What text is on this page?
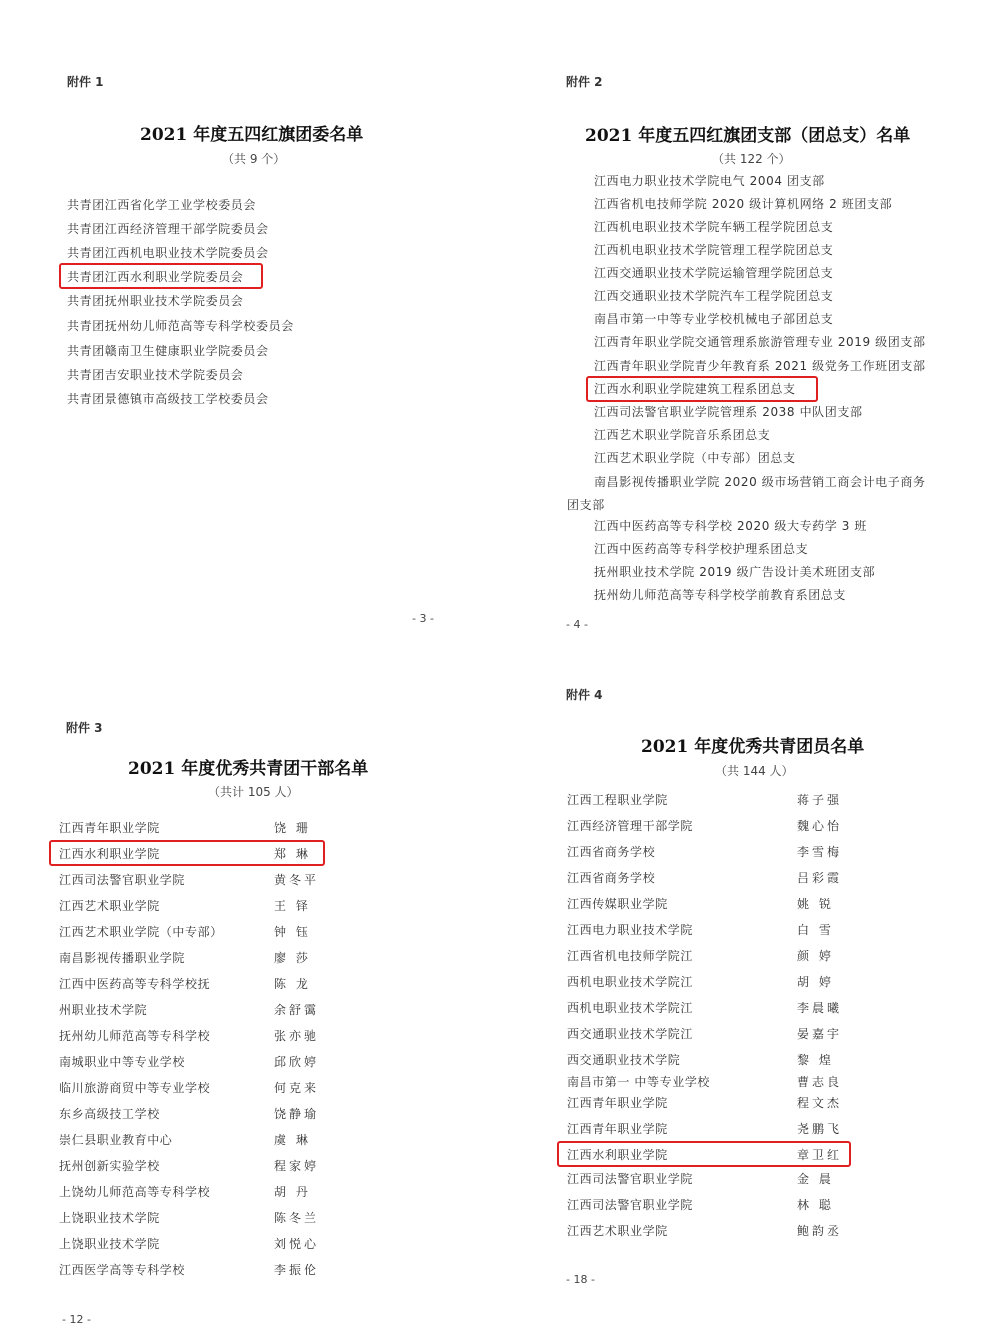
附件 1
2021 年度五四红旗团委名单
（共 9 个）
共青团江西省化学工业学校委员会
共青团江西经济管理干部学院委员会
共青团江西机电职业技术学院委员会
共青团江西水利职业学院委员会
共青团抚州职业技术学院委员会
共青团抚州幼儿师范高等专科学校委员会
共青团赣南卫生健康职业学院委员会
共青团吉安职业技术学院委员会
共青团景德镇市高级技工学校委员会
- 3 -
附件 2
2021 年度五四红旗团支部（团总支）名单
（共 122 个）
江西电力职业技术学院电气 2004 团支部
江西省机电技师学院 2020 级计算机网络 2 班团支部
江西机电职业技术学院车辆工程学院团总支
江西机电职业技术学院管理工程学院团总支
江西交通职业技术学院运输管理学院团总支
江西交通职业技术学院汽车工程学院团总支
南昌市第一中等专业学校机械电子部团总支
江西青年职业学院交通管理系旅游管理专业 2019 级团支部
江西青年职业学院青少年教育系 2021 级党务工作班团支部
江西水利职业学院建筑工程系团总支
江西司法警官职业学院管理系 2038 中队团支部
江西艺术职业学院音乐系团总支
江西艺术职业学院（中专部）团总支
南昌影视传播职业学院 2020 级市场营销工商会计电子商务
团支部
江西中医药高等专科学校 2020 级大专药学 3 班
江西中医药高等专科学校护理系团总支
抚州职业技术学院 2019 级广告设计美术班团支部
抚州幼儿师范高等专科学校学前教育系团总支
- 4 -
附件 3
2021 年度优秀共青团干部名单
（共计 105 人）
江西青年职业学院	饶 珊
江西水利职业学院	郑 琳
江西司法警官职业学院	黄冬平
江西艺术职业学院	王 铎
江西艺术职业学院（中专部）	钟 钰
南昌影视传播职业学院	廖 莎
江西中医药高等专科学校抚	陈 龙
州职业技术学院	余舒霭
抚州幼儿师范高等专科学校	张亦驰
南城职业中等专业学校	邱欣婷
临川旅游商贸中等专业学校	何克来
东乡高级技工学校	饶静瑜
崇仁县职业教育中心	虞 琳
抚州创新实验学校	程家婷
上饶幼儿师范高等专科学校	胡 丹
上饶职业技术学院	陈冬兰
上饶职业技术学院	刘悦心
江西医学高等专科学校	李振伦
- 12 -
附件 4
2021 年度优秀共青团员名单
（共 144 人）
江西工程职业学院	蒋子强
江西经济管理干部学院	魏心怡
江西省商务学校	李雪梅
江西省商务学校	吕彩霞
江西传媒职业学院	姚 锐
江西电力职业技术学院	白 雪
江西省机电技师学院江	颜 婷
西机电职业技术学院江	胡 婷
西机电职业技术学院江	李晨曦
西交通职业技术学院江	晏嘉宇
西交通职业技术学院	黎 煌
南昌市第一 中等专业学校	曹志良
江西青年职业学院	程文杰
江西青年职业学院	尧鹏飞
江西水利职业学院	章卫红
江西司法警官职业学院	金 晨
江西司法警官职业学院	林 聪
江西艺术职业学院	鲍韵丞
- 18 -
